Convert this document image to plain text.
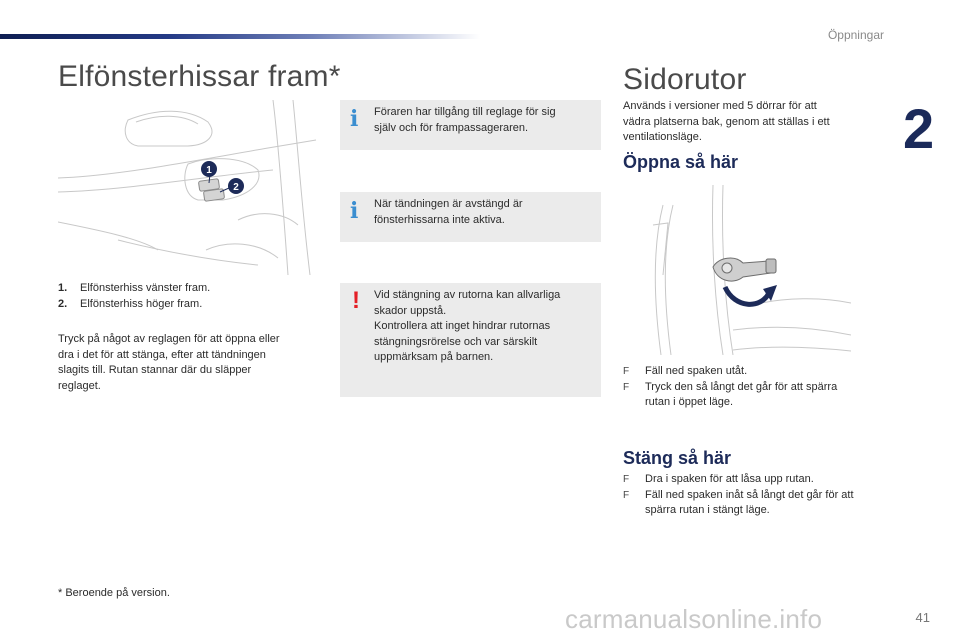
Öppningar
2
Elfönsterhissar fram*
1
2
1.	Elfönsterhiss vänster fram.
2.	Elfönsterhiss höger fram.
Tryck på något av reglagen för att öppna eller
dra i det för att stänga, efter att tändningen
slagits till. Rutan stannar där du släpper
reglaget.
* Beroende på version.
i Föraren har tillgång till reglage för sig
själv och för frampassageraren.
i När tändningen är avstängd är
fönsterhissarna inte aktiva.
! Vid stängning av rutorna kan allvarliga
skador uppstå.
Kontrollera att inget hindrar rutornas
stängningsrörelse och var särskilt
uppmärksam på barnen.
Sidorutor
Används i versioner med 5 dörrar för att
vädra platserna bak, genom att ställas i ett
ventilationsläge.
Öppna så här
F	Fäll ned spaken utåt.
F	Tryck den så långt det går för att spärra
rutan i öppet läge.
Stäng så här
F	Dra i spaken för att låsa upp rutan.
F	Fäll ned spaken inåt så långt det går för att
spärra rutan i stängt läge.
carmanualsonline.info	41
